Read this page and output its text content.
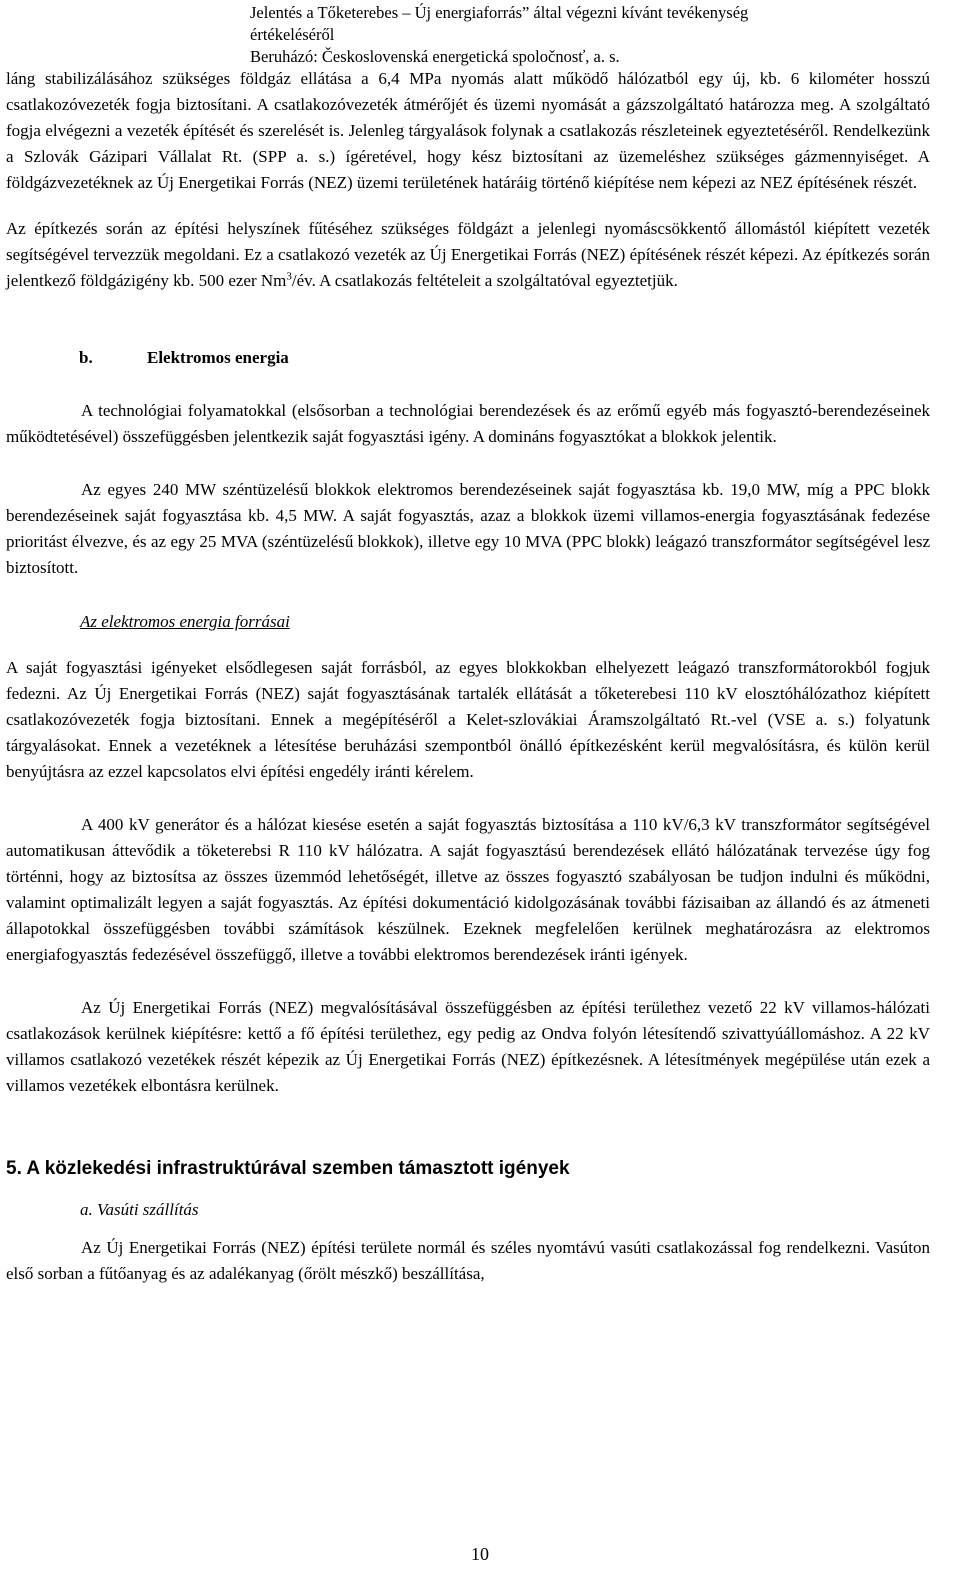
Jelentés a Tőketerebes – Új energiaforrás” által végezni kívánt tevékenység
értékeléséről
Beruházó: Československá energetická spoločnosť, a. s.

láng stabilizálásához szükséges földgáz ellátása a 6,4 MPa nyomás alatt működő hálózatból egy új, kb. 6 kilométer hosszú csatlakozóvezeték fogja biztosítani. A csatlakozóvezeték átmérőjét és üzemi nyomását a gázszolgáltató határozza meg. A szolgáltató fogja elvégezni a vezeték építését és szerelését is. Jelenleg tárgyalások folynak a csatlakozás részleteinek egyeztetéséről. Rendelkezünk a Szlovák Gázipari Vállalat Rt. (SPP a. s.) ígéretével, hogy kész biztosítani az üzemeléshez szükséges gázmennyiséget. A földgázvezetéknek az Új Energetikai Forrás (NEZ) üzemi területének határáig történő kiépítése nem képezi az NEZ építésének részét.

Az építkezés során az építési helyszínek fűtéséhez szükséges földgázt a jelenlegi nyomáscsökkentő állomástól kiépített vezeték segítségével tervezzük megoldani. Ez a csatlakozó vezeték az Új Energetikai Forrás (NEZ) építésének részét képezi. Az építkezés során jelentkező földgázigény kb. 500 ezer Nm$^3$/év. A csatlakozás feltételeit a szolgáltatóval egyeztetjük.

b.	Elektromos energia

A technológiai folyamatokkal (elsősorban a technológiai berendezések és az erőmű egyéb más fogyasztó-berendezéseinek működtetésével) összefüggésben jelentkezik saját fogyasztási igény. A domináns fogyasztókat a blokkok jelentik.

Az egyes 240 MW széntüzelésű blokkok elektromos berendezéseinek saját fogyasztása kb. 19,0 MW, míg a PPC blokk berendezéseinek saját fogyasztása kb. 4,5 MW. A saját fogyasztás, azaz a blokkok üzemi villamos-energia fogyasztásának fedezése prioritást élvezve, és az egy 25 MVA (széntüzelésű blokkok), illetve egy 10 MVA (PPC blokk) leágazó transzformátor segítségével lesz biztosított.

Az elektromos energia forrásai

A saját fogyasztási igényeket elsődlegesen saját forrásból, az egyes blokkokban elhelyezett leágazó transzformátorokból fogjuk fedezni. Az Új Energetikai Forrás (NEZ) saját fogyasztásának tartalék ellátását a tőketerebesi 110 kV elosztóhálózathoz kiépített csatlakozóvezeték fogja biztosítani. Ennek a megépítéséről a Kelet-szlovákiai Áramszolgáltató Rt.-vel (VSE a. s.) folyatunk tárgyalásokat. Ennek a vezetéknek a létesítése beruházási szempontból önálló építkezésként kerül megvalósításra, és külön kerül benyújtásra az ezzel kapcsolatos elvi építési engedély iránti kérelem.

A 400 kV generátor és a hálózat kiesése esetén a saját fogyasztás biztosítása a 110 kV/6,3 kV transzformátor segítségével automatikusan áttevődik a töketerebsi R 110 kV hálózatra. A saját fogyasztású berendezések ellátó hálózatának tervezése úgy fog történni, hogy az biztosítsa az összes üzemmód lehetőségét, illetve az összes fogyasztó szabályosan be tudjon indulni és működni, valamint optimalizált legyen a saját fogyasztás. Az építési dokumentáció kidolgozásának további fázisaiban az állandó és az átmeneti állapotokkal összefüggésben további számítások készülnek. Ezeknek megfelelően kerülnek meghatározásra az elektromos energiafogyasztás fedezésével összefüggő, illetve a további elektromos berendezések iránti igények.

Az Új Energetikai Forrás (NEZ) megvalósításával összefüggésben az építési területhez vezető 22 kV villamos-hálózati csatlakozások kerülnek kiépítésre: kettő a fő építési területhez, egy pedig az Ondva folyón létesítendő szivattyúállomáshoz. A 22 kV villamos csatlakozó vezetékek részét képezik az Új Energetikai Forrás (NEZ) építkezésnek. A létesítmények megépülése után ezek a villamos vezetékek elbontásra kerülnek.

5. A közlekedési infrastruktúrával szemben támasztott igények

a. Vasúti szállítás

Az Új Energetikai Forrás (NEZ) építési területe normál és széles nyomtávú vasúti csatlakozással fog rendelkezni. Vasúton első sorban a fűtőanyag és az adalékanyag (őrölt mészkő) beszállítása,

10
